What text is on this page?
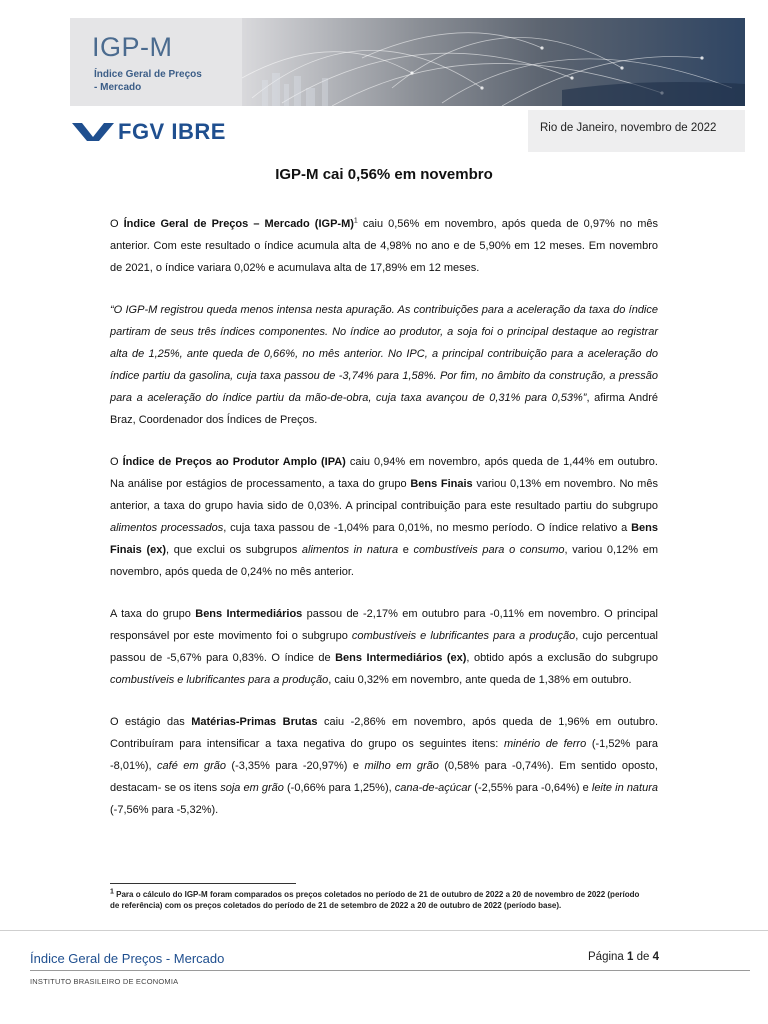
IGP-M
Índice Geral de Preços
- Mercado
FGV IBRE	Rio de Janeiro, novembro de 2022
IGP-M cai 0,56% em novembro

O Índice Geral de Preços – Mercado $(IGP-M)^1$ caiu 0,56% em novembro, após queda de 0,97% no mês anterior. Com este resultado o índice acumula alta de 4,98% no ano e de 5,90% em 12 meses. Em novembro de 2021, o índice variara 0,02% e acumulava alta de 17,89% em 12 meses.

“O IGP-M registrou queda menos intensa nesta apuração. As contribuições para a aceleração da taxa do índice partiram de seus três índices componentes. No índice ao produtor, a soja foi o principal destaque ao registrar alta de 1,25%, ante queda de 0,66%, no mês anterior. No IPC, a principal contribuição para a aceleração do índice partiu da gasolina, cuja taxa passou de -3,74% para 1,58%. Por fim, no âmbito da construção, a pressão para a aceleração do índice partiu da mão-de-obra, cuja taxa avançou de 0,31% para 0,53%”, afirma André Braz, Coordenador dos Índices de Preços.

O Índice de Preços ao Produtor Amplo (IPA) caiu 0,94% em novembro, após queda de 1,44% em outubro. Na análise por estágios de processamento, a taxa do grupo Bens Finais variou 0,13% em novembro. No mês anterior, a taxa do grupo havia sido de 0,03%. A principal contribuição para este resultado partiu do subgrupo alimentos processados, cuja taxa passou de -1,04% para 0,01%, no mesmo período. O índice relativo a Bens Finais (ex), que exclui os subgrupos alimentos in natura e combustíveis para o consumo, variou 0,12% em novembro, após queda de 0,24% no mês anterior.

A taxa do grupo Bens Intermediários passou de -2,17% em outubro para -0,11% em novembro. O principal responsável por este movimento foi o subgrupo combustíveis e lubrificantes para a produção, cujo percentual passou de -5,67% para 0,83%. O índice de Bens Intermediários (ex), obtido após a exclusão do subgrupo combustíveis e lubrificantes para a produção, caiu 0,32% em novembro, ante queda de 1,38% em outubro.

O estágio das Matérias-Primas Brutas caiu -2,86% em novembro, após queda de 1,96% em outubro. Contribuíram para intensificar a taxa negativa do grupo os seguintes itens: minério de ferro (-1,52% para -8,01%), café em grão (-3,35% para -20,97%) e milho em grão (0,58% para -0,74%). Em sentido oposto, destacam- se os itens soja em grão (-0,66% para 1,25%), cana-de-açúcar (-2,55% para -0,64%) e leite in natura (-7,56% para -5,32%).

$^1$ Para o cálculo do IGP-M foram comparados os preços coletados no período de 21 de outubro de 2022 a 20 de novembro de 2022 (período de referência) com os preços coletados do período de 21 de setembro de 2022 a 20 de outubro de 2022 (período base).
Índice Geral de Preços - Mercado	Página 1 de 4
INSTITUTO BRASILEIRO DE ECONOMIA
